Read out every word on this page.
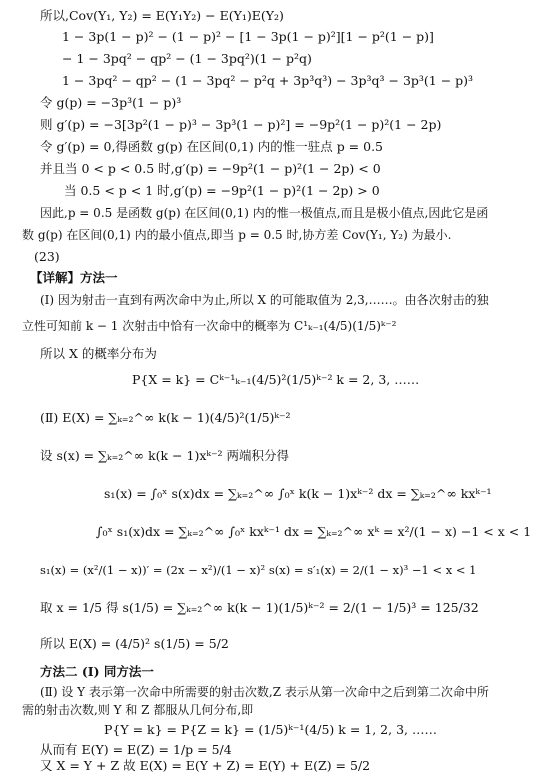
所以,Cov(Y₁, Y₂) = E(Y₁Y₂) − E(Y₁)E(Y₂)
1 − 3p(1 − p)² − (1 − p)² − [1 − 3p(1 − p)²][1 − p²(1 − p)]
− 1 − 3pq² − qp² − (1 − 3pq²)(1 − p²q)
1 − 3pq² − qp² − (1 − 3pq² − p²q + 3p³q³) − 3p³q³ − 3p³(1 − p)³
令 g(p) = −3p³(1 − p)³
则 g′(p) = −3[3p²(1 − p)³ − 3p³(1 − p)²] = −9p²(1 − p)²(1 − 2p)
令 g′(p) = 0,得函数 g(p) 在区间(0,1) 内的惟一驻点 p = 0.5
并且当 0 < p < 0.5 时,g′(p) = −9p²(1 − p)²(1 − 2p) < 0
当 0.5 < p < 1 时,g′(p) = −9p²(1 − p)²(1 − 2p) > 0
因此,p = 0.5 是函数 g(p) 在区间(0,1) 内的惟一极值点,而且是极小值点,因此它是函
数 g(p) 在区间(0,1) 内的最小值点,即当 p = 0.5 时,协方差 Cov(Y₁, Y₂) 为最小.
(23)
【详解】方法一
(Ⅰ) 因为射击一直到有两次命中为止,所以 X 的可能取值为 2,3,……。由各次射击的独
立性可知前 k − 1 次射击中恰有一次命中的概率为 C¹ₖ₋₁(4/5)(1/5)ᵏ⁻²
所以 X 的概率分布为
P{X = k} = Cᵏ⁻¹ₖ₋₁(4/5)²(1/5)ᵏ⁻² k = 2, 3, ……
(Ⅱ) E(X) = ∑ₖ₌₂^∞ k(k − 1)(4/5)²(1/5)ᵏ⁻²
设 s(x) = ∑ₖ₌₂^∞ k(k − 1)xᵏ⁻² 两端积分得
s₁(x) = ∫₀ˣ s(x)dx = ∑ₖ₌₂^∞ ∫₀ˣ k(k − 1)xᵏ⁻² dx = ∑ₖ₌₂^∞ kxᵏ⁻¹
∫₀ˣ s₁(x)dx = ∑ₖ₌₂^∞ ∫₀ˣ kxᵏ⁻¹ dx = ∑ₖ₌₂^∞ xᵏ = x²/(1 − x) −1 < x < 1
s₁(x) = (x²/(1 − x))′ = (2x − x²)/(1 − x)² s(x) = s′₁(x) = 2/(1 − x)³ −1 < x < 1
取 x = 1/5 得 s(1/5) = ∑ₖ₌₂^∞ k(k − 1)(1/5)ᵏ⁻² = 2/(1 − 1/5)³ = 125/32
所以 E(X) = (4/5)² s(1/5) = 5/2
方法二 (Ⅰ) 同方法一
(Ⅱ) 设 Y 表示第一次命中所需要的射击次数,Z 表示从第一次命中之后到第二次命中所
需的射击次数,则 Y 和 Z 都服从几何分布,即
P{Y = k} = P{Z = k} = (1/5)ᵏ⁻¹(4/5) k = 1, 2, 3, ……
从而有 E(Y) = E(Z) = 1/p = 5/4
又 X = Y + Z 故 E(X) = E(Y + Z) = E(Y) + E(Z) = 5/2
